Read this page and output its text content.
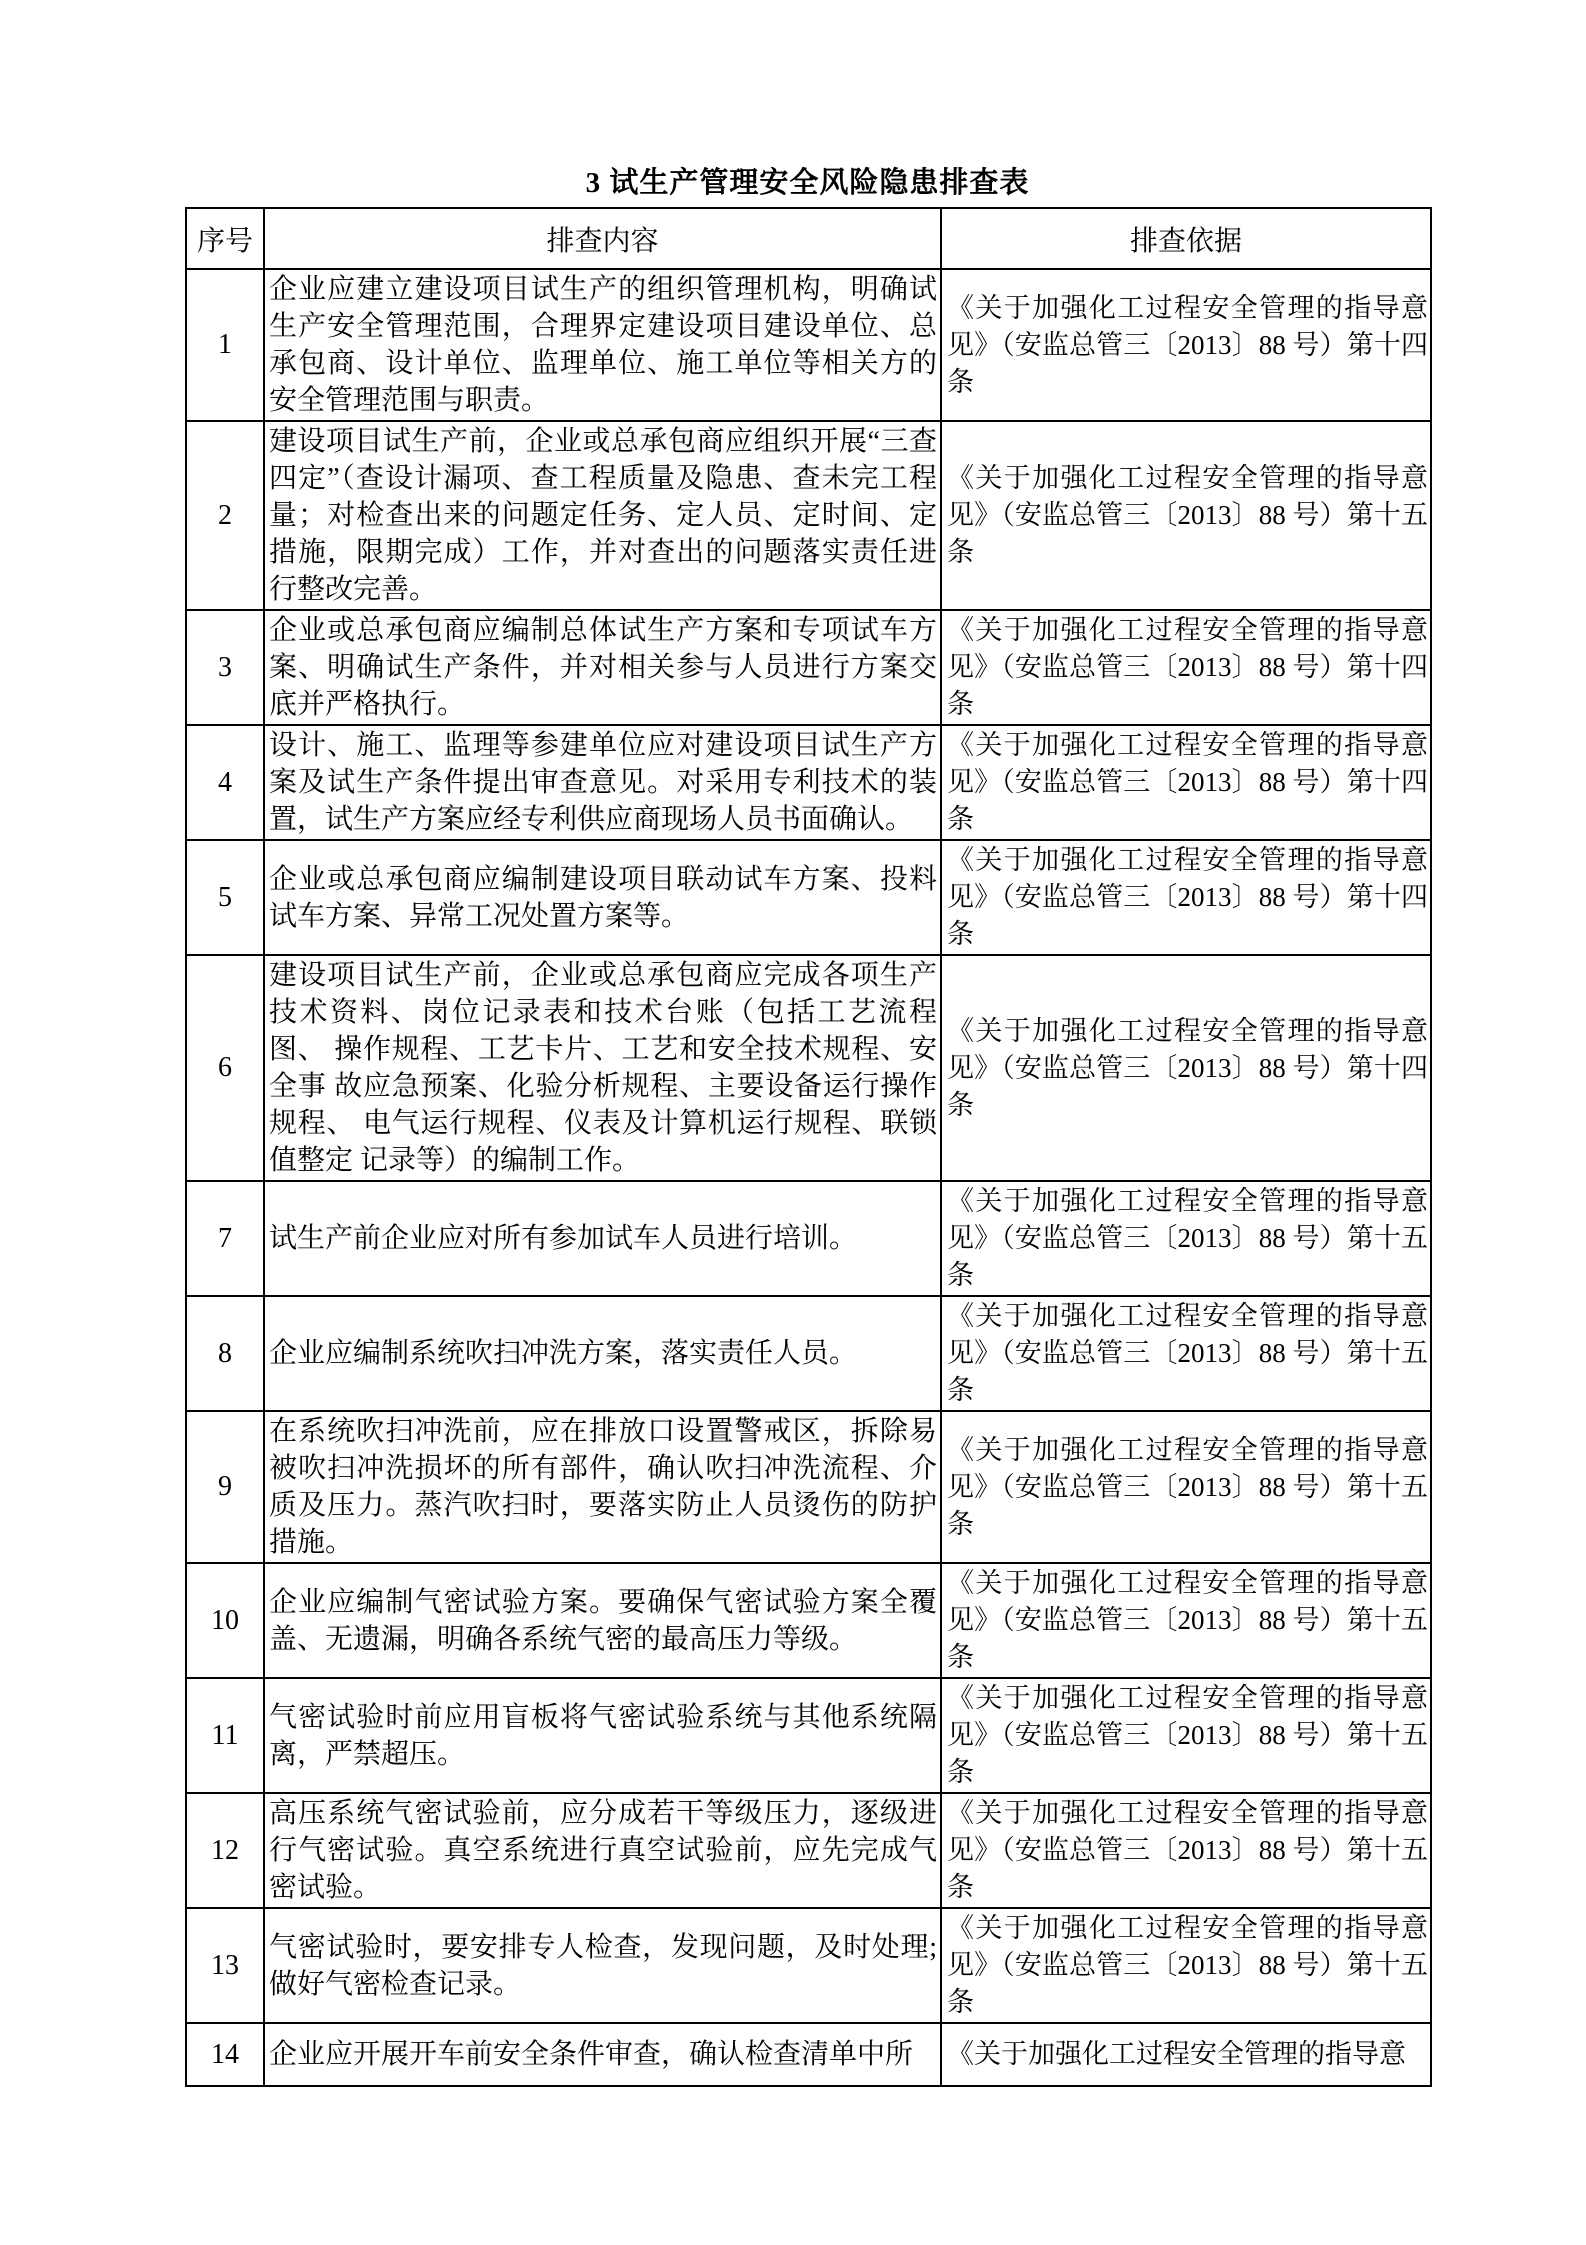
3 试生产管理安全风险隐患排查表
序号	排查内容	排查依据
1	企业应建立建设项目试生产的组织管理机构，明确试 生产安全管理范围，合理界定建设项目建设单位、总 承包商、设计单位、监理单位、施工单位等相关方的 安全管理范围与职责。	《关于加强化工过程安全管理的指导意 见》（安监总管三〔2013〕88 号）第十四 条
2	建设项目试生产前，企业或总承包商应组织开展“三查 四定”（查设计漏项、查工程质量及隐患、查未完工程 量；对检查出来的问题定任务、定人员、定时间、定 措施，限期完成）工作，并对查出的问题落实责任进 行整改完善。	《关于加强化工过程安全管理的指导意 见》（安监总管三〔2013〕88 号）第十五 条
3	企业或总承包商应编制总体试生产方案和专项试车方 案、明确试生产条件，并对相关参与人员进行方案交 底并严格执行。	《关于加强化工过程安全管理的指导意 见》（安监总管三〔2013〕88 号）第十四 条
4	设计、施工、监理等参建单位应对建设项目试生产方 案及试生产条件提出审查意见。对采用专利技术的装 置，试生产方案应经专利供应商现场人员书面确认。	《关于加强化工过程安全管理的指导意 见》（安监总管三〔2013〕88 号）第十四 条
5	企业或总承包商应编制建设项目联动试车方案、投料 试车方案、异常工况处置方案等。	《关于加强化工过程安全管理的指导意 见》（安监总管三〔2013〕88 号）第十四 条
6	建设项目试生产前，企业或总承包商应完成各项生产 技术资料、岗位记录表和技术台账（包括工艺流程图、 操作规程、工艺卡片、工艺和安全技术规程、安全事 故应急预案、化验分析规程、主要设备运行操作规程、 电气运行规程、仪表及计算机运行规程、联锁值整定 记录等）的编制工作。	《关于加强化工过程安全管理的指导意 见》（安监总管三〔2013〕88 号）第十四 条
7	试生产前企业应对所有参加试车人员进行培训。	《关于加强化工过程安全管理的指导意 见》（安监总管三〔2013〕88 号）第十五 条
8	企业应编制系统吹扫冲洗方案，落实责任人员。	《关于加强化工过程安全管理的指导意 见》（安监总管三〔2013〕88 号）第十五 条
9	在系统吹扫冲洗前，应在排放口设置警戒区，拆除易 被吹扫冲洗损坏的所有部件，确认吹扫冲洗流程、介 质及压力。蒸汽吹扫时，要落实防止人员烫伤的防护 措施。	《关于加强化工过程安全管理的指导意 见》（安监总管三〔2013〕88 号）第十五 条
10	企业应编制气密试验方案。要确保气密试验方案全覆 盖、无遗漏，明确各系统气密的最高压力等级。	《关于加强化工过程安全管理的指导意 见》（安监总管三〔2013〕88 号）第十五 条
11	气密试验时前应用盲板将气密试验系统与其他系统隔 离，严禁超压。	《关于加强化工过程安全管理的指导意 见》（安监总管三〔2013〕88 号）第十五 条
12	高压系统气密试验前，应分成若干等级压力，逐级进 行气密试验。真空系统进行真空试验前，应先完成气 密试验。	《关于加强化工过程安全管理的指导意 见》（安监总管三〔2013〕88 号）第十五 条
13	气密试验时，要安排专人检查，发现问题，及时处理; 做好气密检查记录。	《关于加强化工过程安全管理的指导意 见》（安监总管三〔2013〕88 号）第十五 条
14	企业应开展开车前安全条件审查，确认检查清单中所	《关于加强化工过程安全管理的指导意
